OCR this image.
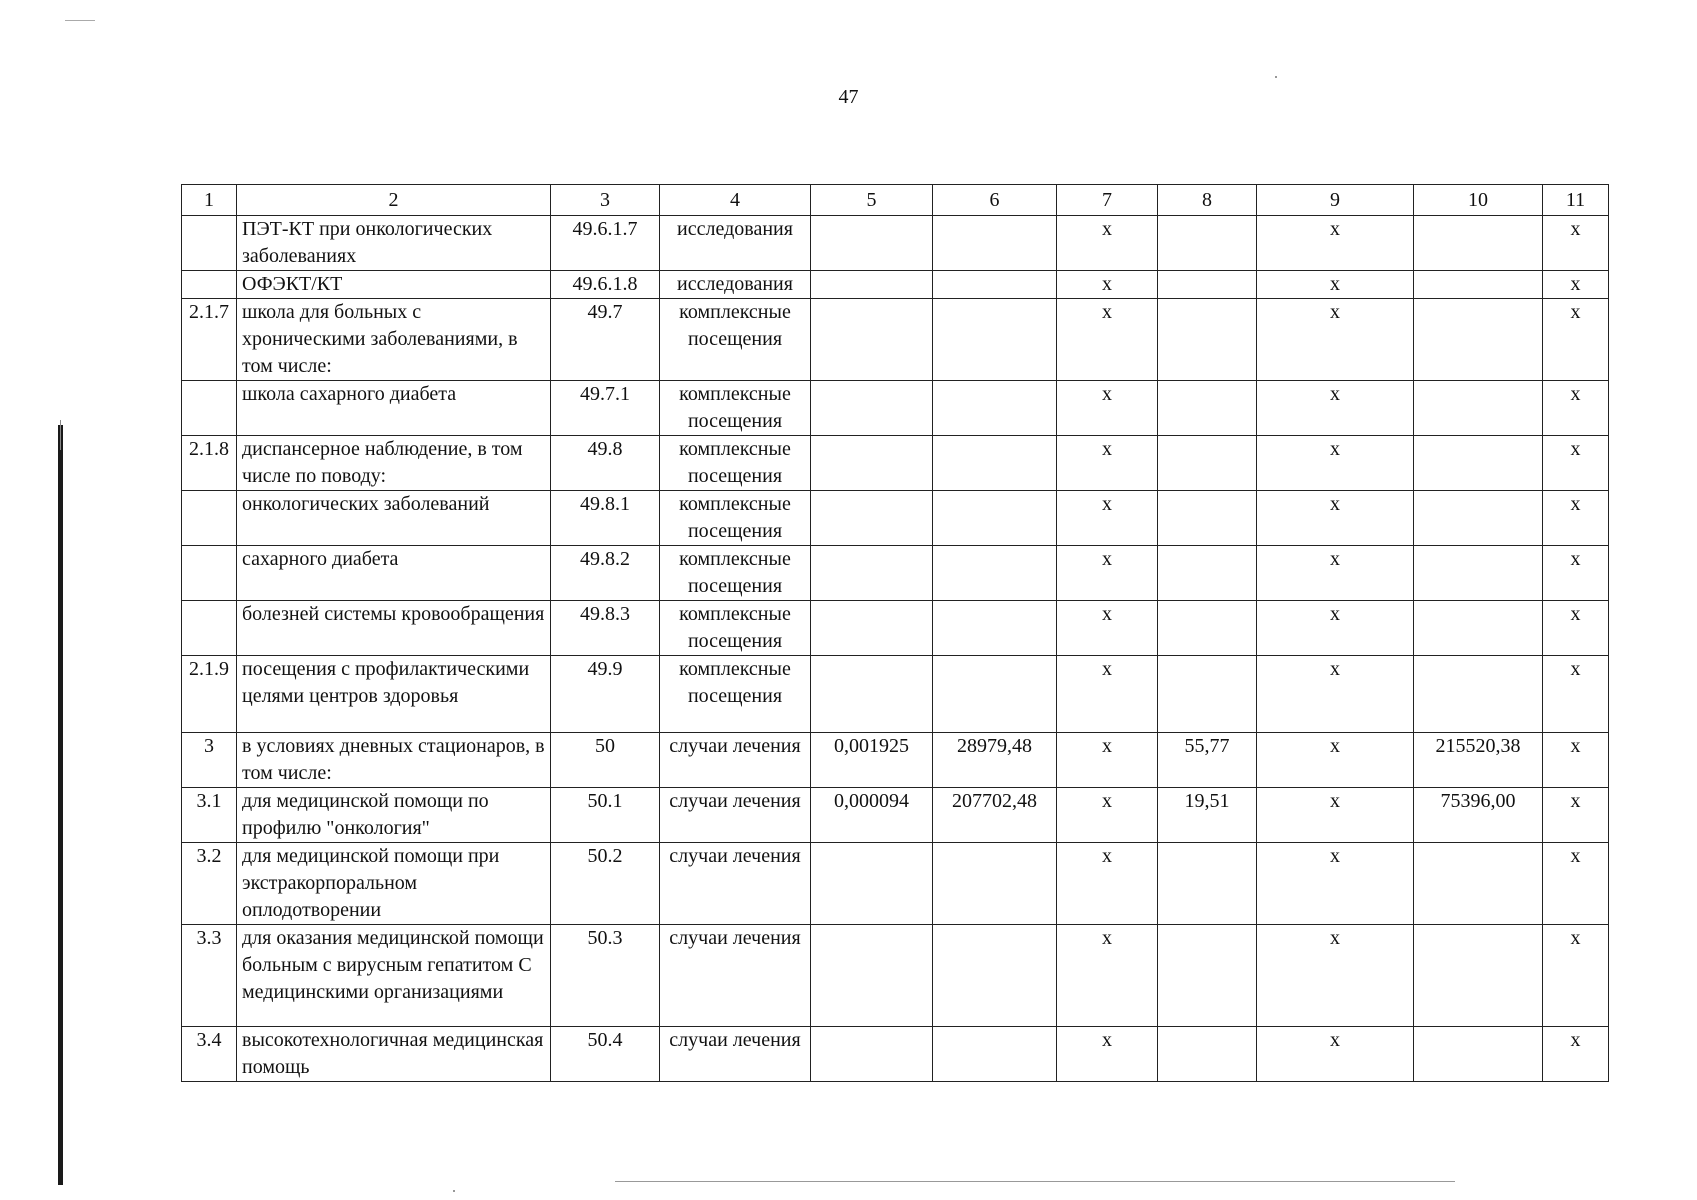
47
1	2	3	4	5	6	7	8	9	10	11
	ПЭТ-КТ при онкологических заболеваниях	49.6.1.7	исследования			х		х		х
	ОФЭКТ/КТ	49.6.1.8	исследования			х		х		х
2.1.7	школа для больных с хроническими заболеваниями, в том числе:	49.7	комплексные посещения			х		х		х
	школа сахарного диабета	49.7.1	комплексные посещения			х		х		х
2.1.8	диспансерное наблюдение, в том числе по поводу:	49.8	комплексные посещения			х		х		х
	онкологических заболеваний	49.8.1	комплексные посещения			х		х		х
	сахарного диабета	49.8.2	комплексные посещения			х		х		х
	болезней системы кровообращения	49.8.3	комплексные посещения			х		х		х
2.1.9	посещения с профилактическими целями центров здоровья	49.9	комплексные посещения			х		х		х
3	в условиях дневных стационаров, в том числе:	50	случаи лечения	0,001925	28979,48	х	55,77	х	215520,38	х
3.1	для медицинской помощи по профилю "онкология"	50.1	случаи лечения	0,000094	207702,48	х	19,51	х	75396,00	х
3.2	для медицинской помощи при экстракорпоральном оплодотворении	50.2	случаи лечения			х		х		х
3.3	для оказания медицинской помощи больным с вирусным гепатитом С медицинскими организациями	50.3	случаи лечения			х		х		х
3.4	высокотехнологичная медицинская помощь	50.4	случаи лечения			х		х		х
